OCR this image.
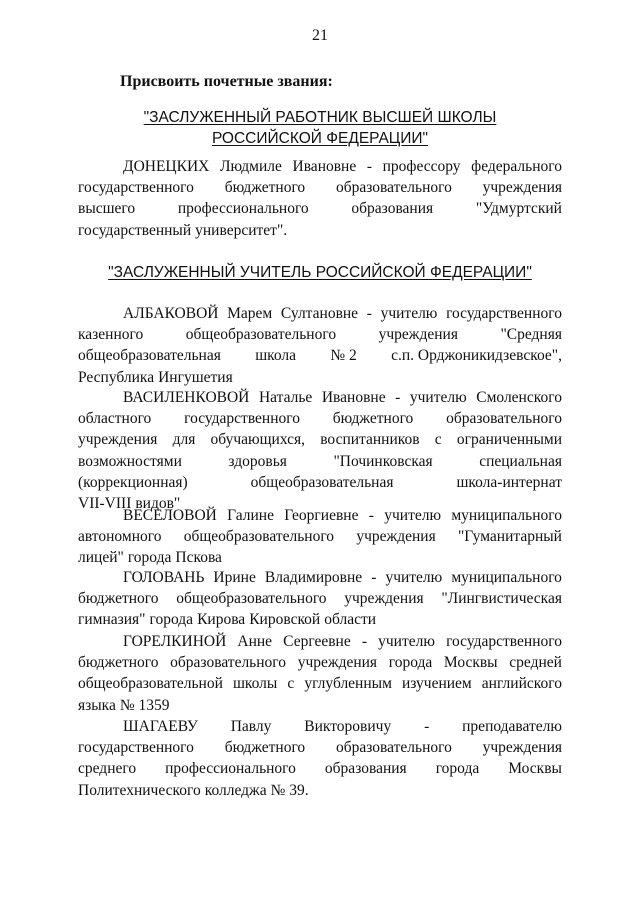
21
Присвоить почетные звания:
"ЗАСЛУЖЕННЫЙ РАБОТНИК ВЫСШЕЙ ШКОЛЫ
РОССИЙСКОЙ ФЕДЕРАЦИИ"
"ЗАСЛУЖЕННЫЙ УЧИТЕЛЬ РОССИЙСКОЙ ФЕДЕРАЦИИ"
ДОНЕЦКИХ Людмиле Ивановне - профессору федерального
государственного бюджетного образовательного учреждения
высшего	профессионального	образования	"Удмуртский
государственный университет".
АЛБАКОВОЙ Марем Султановне - учителю государственного
казенного	общеобразовательного	учреждения	"Средняя
общеобразовательная школа № 2 с.п. Орджоникидзевское",
Республика Ингушетия
ВАСИЛЕНКОВОЙ Наталье Ивановне - учителю Смоленского
областного государственного бюджетного образовательного
учреждения для обучающихся, воспитанников с ограниченными
возможностями	здоровья	"Починковская	специальная
(коррекционная)	общеобразовательная	школа-интернат
VII-VIII видов"
ВЕСЕЛОВОЙ Галине Георгиевне - учителю муниципального
автономного общеобразовательного учреждения "Гуманитарный
лицей" города Пскова
ГОЛОВАНЬ Ирине Владимировне - учителю муниципального
бюджетного общеобразовательного учреждения "Лингвистическая
гимназия" города Кирова Кировской области
ГОРЕЛКИНОЙ Анне Сергеевне - учителю государственного
бюджетного образовательного учреждения города Москвы средней
общеобразовательной школы с углубленным изучением английского
языка № 1359
ШАГАЕВУ Павлу Викторовичу - преподавателю
государственного бюджетного образовательного учреждения
среднего профессионального образования города Москвы
Политехнического колледжа № 39.
